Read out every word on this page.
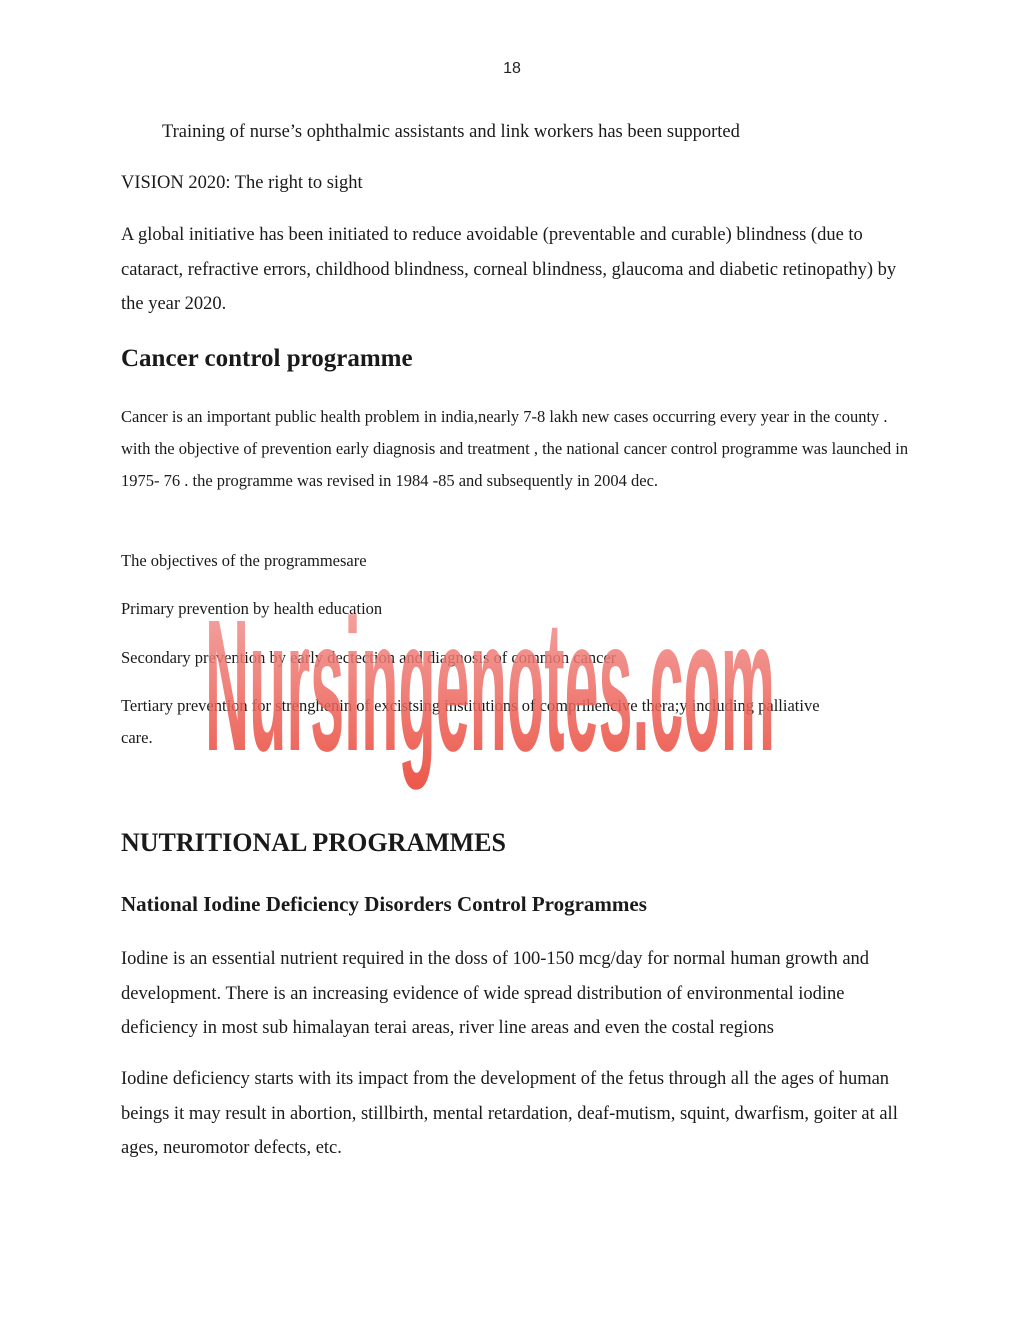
18

Training of nurse’s ophthalmic assistants and link workers has been supported

VISION 2020: The right to sight

A global initiative has been initiated to reduce avoidable (preventable and curable) blindness (due to cataract, refractive errors, childhood blindness, corneal blindness, glaucoma and diabetic retinopathy) by the year 2020.

Cancer control programme

Cancer is an important public health problem in india,nearly 7-8 lakh new cases occurring every year in the county . with the objective of prevention early diagnosis and treatment , the national cancer control programme was launched in 1975- 76 . the programme was revised in 1984 -85 and subsequently in 2004 dec.

The objectives of the programmesare

Primary prevention by health education

Secondary prevention by early dectection and diagnosis of common cancer

Tertiary prevention for strenghenin of excistsing institutions of comprihencive thera;y including palliative care.

NUTRITIONAL PROGRAMMES
National Iodine Deficiency Disorders Control Programmes

Iodine is an essential nutrient required in the doss of 100-150 mcg/day for normal human growth and development. There is an increasing evidence of wide spread distribution of environmental iodine deficiency in most sub himalayan terai areas, river line areas and even the costal regions

Iodine deficiency starts with its impact from the development of the fetus through all the ages of human beings it may result in abortion, stillbirth, mental retardation, deaf-mutism, squint, dwarfism, goiter at all ages, neuromotor defects, etc.

Nursingenotes.com
